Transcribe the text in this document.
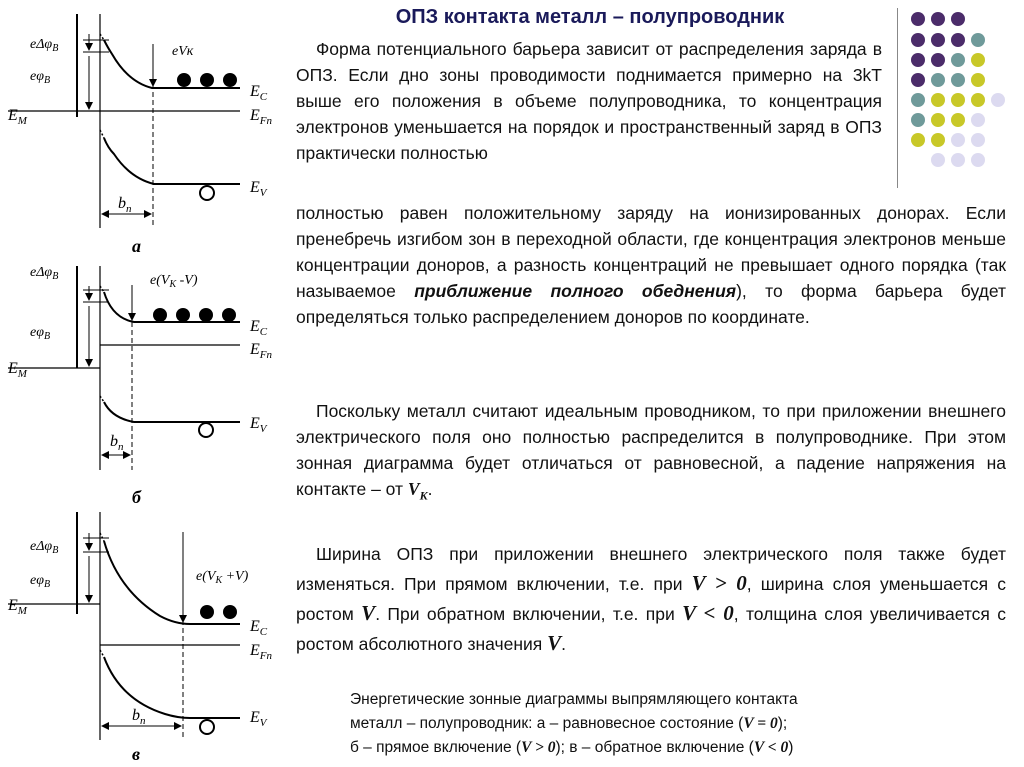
ОПЗ контакта металл – полупроводник
Форма потенциального барьера зависит от распределения заряда в ОПЗ. Если дно зоны проводимости поднимается примерно на 3kT выше его положения в объеме полупроводника, то концентрация электронов уменьшается на порядок и пространственный заряд в ОПЗ практически полностью
полностью равен положительному заряду на ионизированных донорах. Если пренебречь изгибом зон в переходной области, где концентрация электронов меньше концентрации доноров, а разность концентраций не превышает одного порядка (так называемое приближение полного обеднения), то форма барьера будет определяться только распределением доноров по координате.
Поскольку металл считают идеальным проводником, то при приложении внешнего электрического поля оно полностью распределится в полупроводнике. При этом зонная диаграмма будет отличаться от равновесной, а падение напряжения на контакте – от $V_K$.
Ширина ОПЗ при приложении внешнего электрического поля также будет изменяться. При прямом включении, т.е. при V > 0, ширина слоя уменьшается с ростом V. При обратном включении, т.е. при V < 0, толщина слоя увеличивается с ростом абсолютного значения V.
Энергетические зонные диаграммы выпрямляющего контакта
металл – полупроводник: а – равновесное состояние (V = 0);
б – прямое включение (V > 0); в – обратное включение (V < 0)
eΔφ$_B$
$e\varphi_B$
eVк
$E_M$
$E_C$
$E_{Fn}$
$E_V$
$b_n$
а
eΔφ$_B$
$e\varphi_B$
$e(V_K$ -V)
$E_M$
$E_C$
$E_{Fn}$
$E_V$
$b_n$
б
eΔφ$_B$
$e\varphi_B$
$e(V_K +V)$
$E_M$
$E_C$
$E_{Fn}$
$E_V$
$b_n$
в
